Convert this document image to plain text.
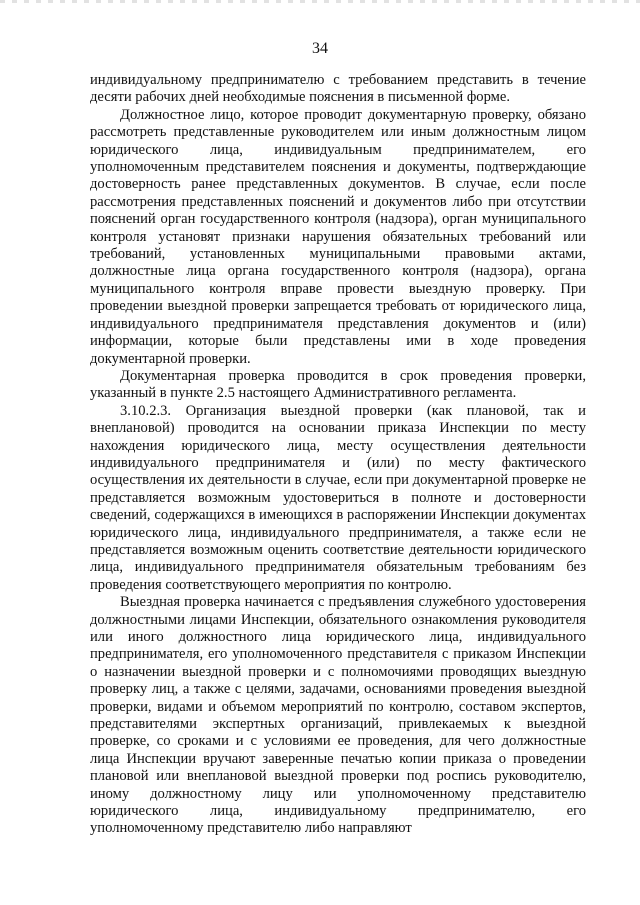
34

индивидуальному предпринимателю с требованием представить в течение десяти рабочих дней необходимые пояснения в письменной форме.

Должностное лицо, которое проводит документарную проверку, обязано рассмотреть представленные руководителем или иным должностным лицом юридического лица, индивидуальным предпринимателем, его уполномоченным представителем пояснения и документы, подтверждающие достоверность ранее представленных документов. В случае, если после рассмотрения представленных пояснений и документов либо при отсутствии пояснений орган государственного контроля (надзора), орган муниципального контроля установят признаки нарушения обязательных требований или требований, установленных муниципальными правовыми актами, должностные лица органа государственного контроля (надзора), органа муниципального контроля вправе провести выездную проверку. При проведении выездной проверки запрещается требовать от юридического лица, индивидуального предпринимателя представления документов и (или) информации, которые были представлены ими в ходе проведения документарной проверки.

Документарная проверка проводится в срок проведения проверки, указанный в пункте 2.5 настоящего Административного регламента.

3.10.2.3. Организация выездной проверки (как плановой, так и внеплановой) проводится на основании приказа Инспекции по месту нахождения юридического лица, месту осуществления деятельности индивидуального предпринимателя и (или) по месту фактического осуществления их деятельности в случае, если при документарной проверке не представляется возможным удостовериться в полноте и достоверности сведений, содержащихся в имеющихся в распоряжении Инспекции документах юридического лица, индивидуального предпринимателя, а также если не представляется возможным оценить соответствие деятельности юридического лица, индивидуального предпринимателя обязательным требованиям без проведения соответствующего мероприятия по контролю.

Выездная проверка начинается с предъявления служебного удостоверения должностными лицами Инспекции, обязательного ознакомления руководителя или иного должностного лица юридического лица, индивидуального предпринимателя, его уполномоченного представителя с приказом Инспекции о назначении выездной проверки и с полномочиями проводящих выездную проверку лиц, а также с целями, задачами, основаниями проведения выездной проверки, видами и объемом мероприятий по контролю, составом экспертов, представителями экспертных организаций, привлекаемых к выездной проверке, со сроками и с условиями ее проведения, для чего должностные лица Инспекции вручают заверенные печатью копии приказа о проведении плановой или внеплановой выездной проверки под роспись руководителю, иному должностному лицу или уполномоченному представителю юридического лица, индивидуальному предпринимателю, его уполномоченному представителю либо направляют
